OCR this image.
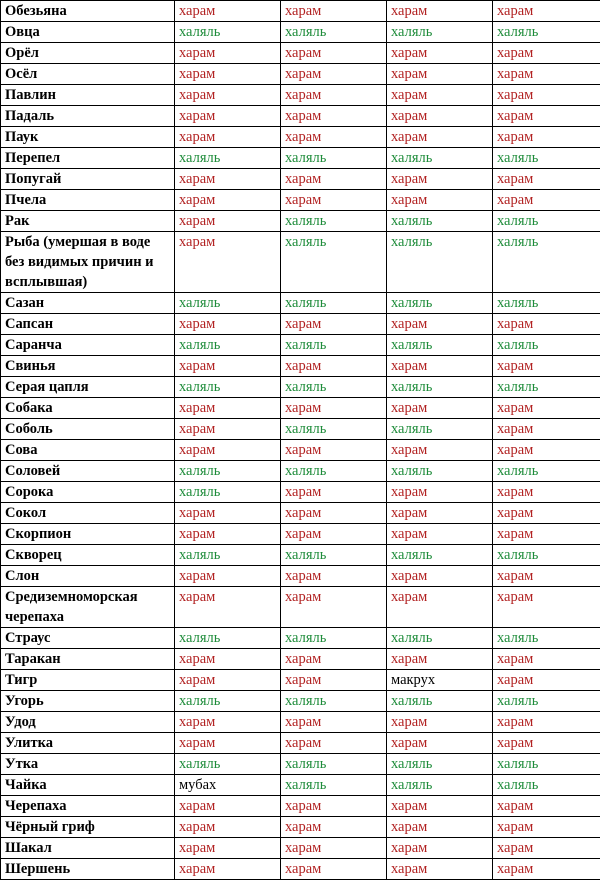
Обезьяна	харам	харам	харам	харам
Овца	халяль	халяль	халяль	халяль
Орёл	харам	харам	харам	харам
Осёл	харам	харам	харам	харам
Павлин	харам	харам	харам	харам
Падаль	харам	харам	харам	харам
Паук	харам	харам	харам	харам
Перепел	халяль	халяль	халяль	халяль
Попугай	харам	харам	харам	харам
Пчела	харам	харам	харам	харам
Рак	харам	халяль	халяль	халяль
Рыба (умершая в воде без видимых причин и всплывшая)	харам	халяль	халяль	халяль
Сазан	халяль	халяль	халяль	халяль
Сапсан	харам	харам	харам	харам
Саранча	халяль	халяль	халяль	халяль
Свинья	харам	харам	харам	харам
Серая цапля	халяль	халяль	халяль	халяль
Собака	харам	харам	харам	харам
Соболь	харам	халяль	халяль	харам
Сова	харам	харам	харам	харам
Соловей	халяль	халяль	халяль	халяль
Сорока	халяль	харам	харам	харам
Сокол	харам	харам	харам	харам
Скорпион	харам	харам	харам	харам
Скворец	халяль	халяль	халяль	халяль
Слон	харам	харам	харам	харам
Средиземноморская черепаха	харам	харам	харам	харам
Страус	халяль	халяль	халяль	халяль
Таракан	харам	харам	харам	харам
Тигр	харам	харам	макрух	харам
Угорь	халяль	халяль	халяль	халяль
Удод	харам	харам	харам	харам
Улитка	харам	харам	харам	харам
Утка	халяль	халяль	халяль	халяль
Чайка	мубах	халяль	халяль	халяль
Черепаха	харам	харам	харам	харам
Чёрный гриф	харам	харам	харам	харам
Шакал	харам	харам	харам	харам
Шершень	харам	харам	харам	харам
